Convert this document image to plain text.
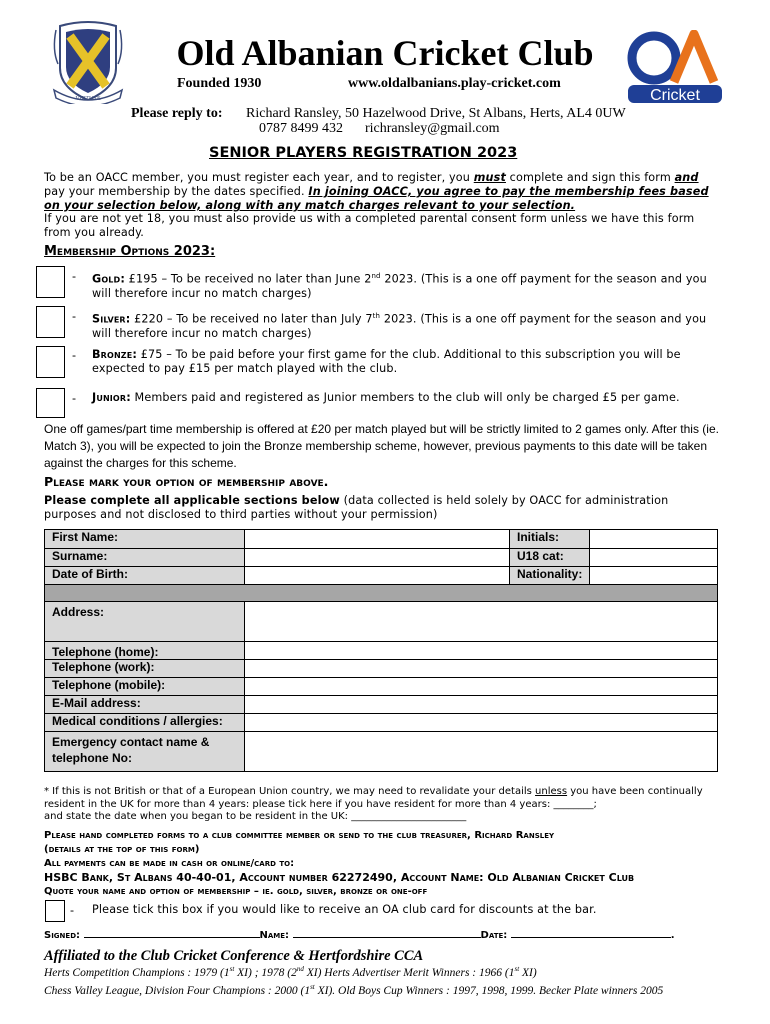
VIRTUTE
Old Albanian Cricket Club
Founded 1930	www.oldalbanians.play-cricket.com
Please reply to: Richard Ransley, 50 Hazelwood Drive, St Albans, Herts, AL4 0UW
0787 8499 432 richransley@gmail.com
Cricket
OA
SENIOR PLAYERS REGISTRATION 2023
To be an OACC member, you must register each year, and to register, you must complete and sign this form and pay your membership by the dates specified. In joining OACC, you agree to pay the membership fees based on your selection below, along with any match charges relevant to your selection.
If you are not yet 18, you must also provide us with a completed parental consent form unless we have this form from you already.
Membership Options 2023:
- Gold: £195 – To be received no later than June 2nd 2023. (This is a one off payment for the season and you will therefore incur no match charges)
- Silver: £220 – To be received no later than July 7th 2023. (This is a one off payment for the season and you will therefore incur no match charges)
- Bronze: £75 – To be paid before your first game for the club. Additional to this subscription you will be expected to pay £15 per match played with the club.
- Junior: Members paid and registered as Junior members to the club will only be charged £5 per game.
One off games/part time membership is offered at £20 per match played but will be strictly limited to 2 games only. After this (ie. Match 3), you will be expected to join the Bronze membership scheme, however, previous payments to this date will be taken against the charges for this scheme.
Please mark your option of membership above.
Please complete all applicable sections below (data collected is held solely by OACC for administration purposes and not disclosed to third parties without your permission)
First Name:		Initials:	
Surname:		U18 cat:	
Date of Birth:		Nationality:	

Address:			
Telephone (home):			
Telephone (work):			
Telephone (mobile):			
E-Mail address:			
Medical conditions / allergies:			
Emergency contact name & telephone No:			
* If this is not British or that of a European Union country, we may need to revalidate your details unless you have been continually resident in the UK for more than 4 years: please tick here if you have resident for more than 4 years: ________;
and state the date when you began to be resident in the UK: _______________________
Please hand completed forms to a club committee member or send to the club treasurer, Richard Ransley
(details at the top of this form)
All payments can be made in cash or online/card to:
HSBC Bank, St Albans 40-40-01, Account number 62272490, Account Name: Old Albanian Cricket Club
Quote your name and option of membership – ie. gold, silver, bronze or one-off
- Please tick this box if you would like to receive an OA club card for discounts at the bar.
Signed:	Name:	Date:	.
Affiliated to the Club Cricket Conference & Hertfordshire CCA
Herts Competition Champions : 1979 (1st XI) ; 1978 (2nd XI) Herts Advertiser Merit Winners : 1966 (1st XI)
Chess Valley League, Division Four Champions : 2000 (1st XI). Old Boys Cup Winners : 1997, 1998, 1999. Becker Plate winners 2005
